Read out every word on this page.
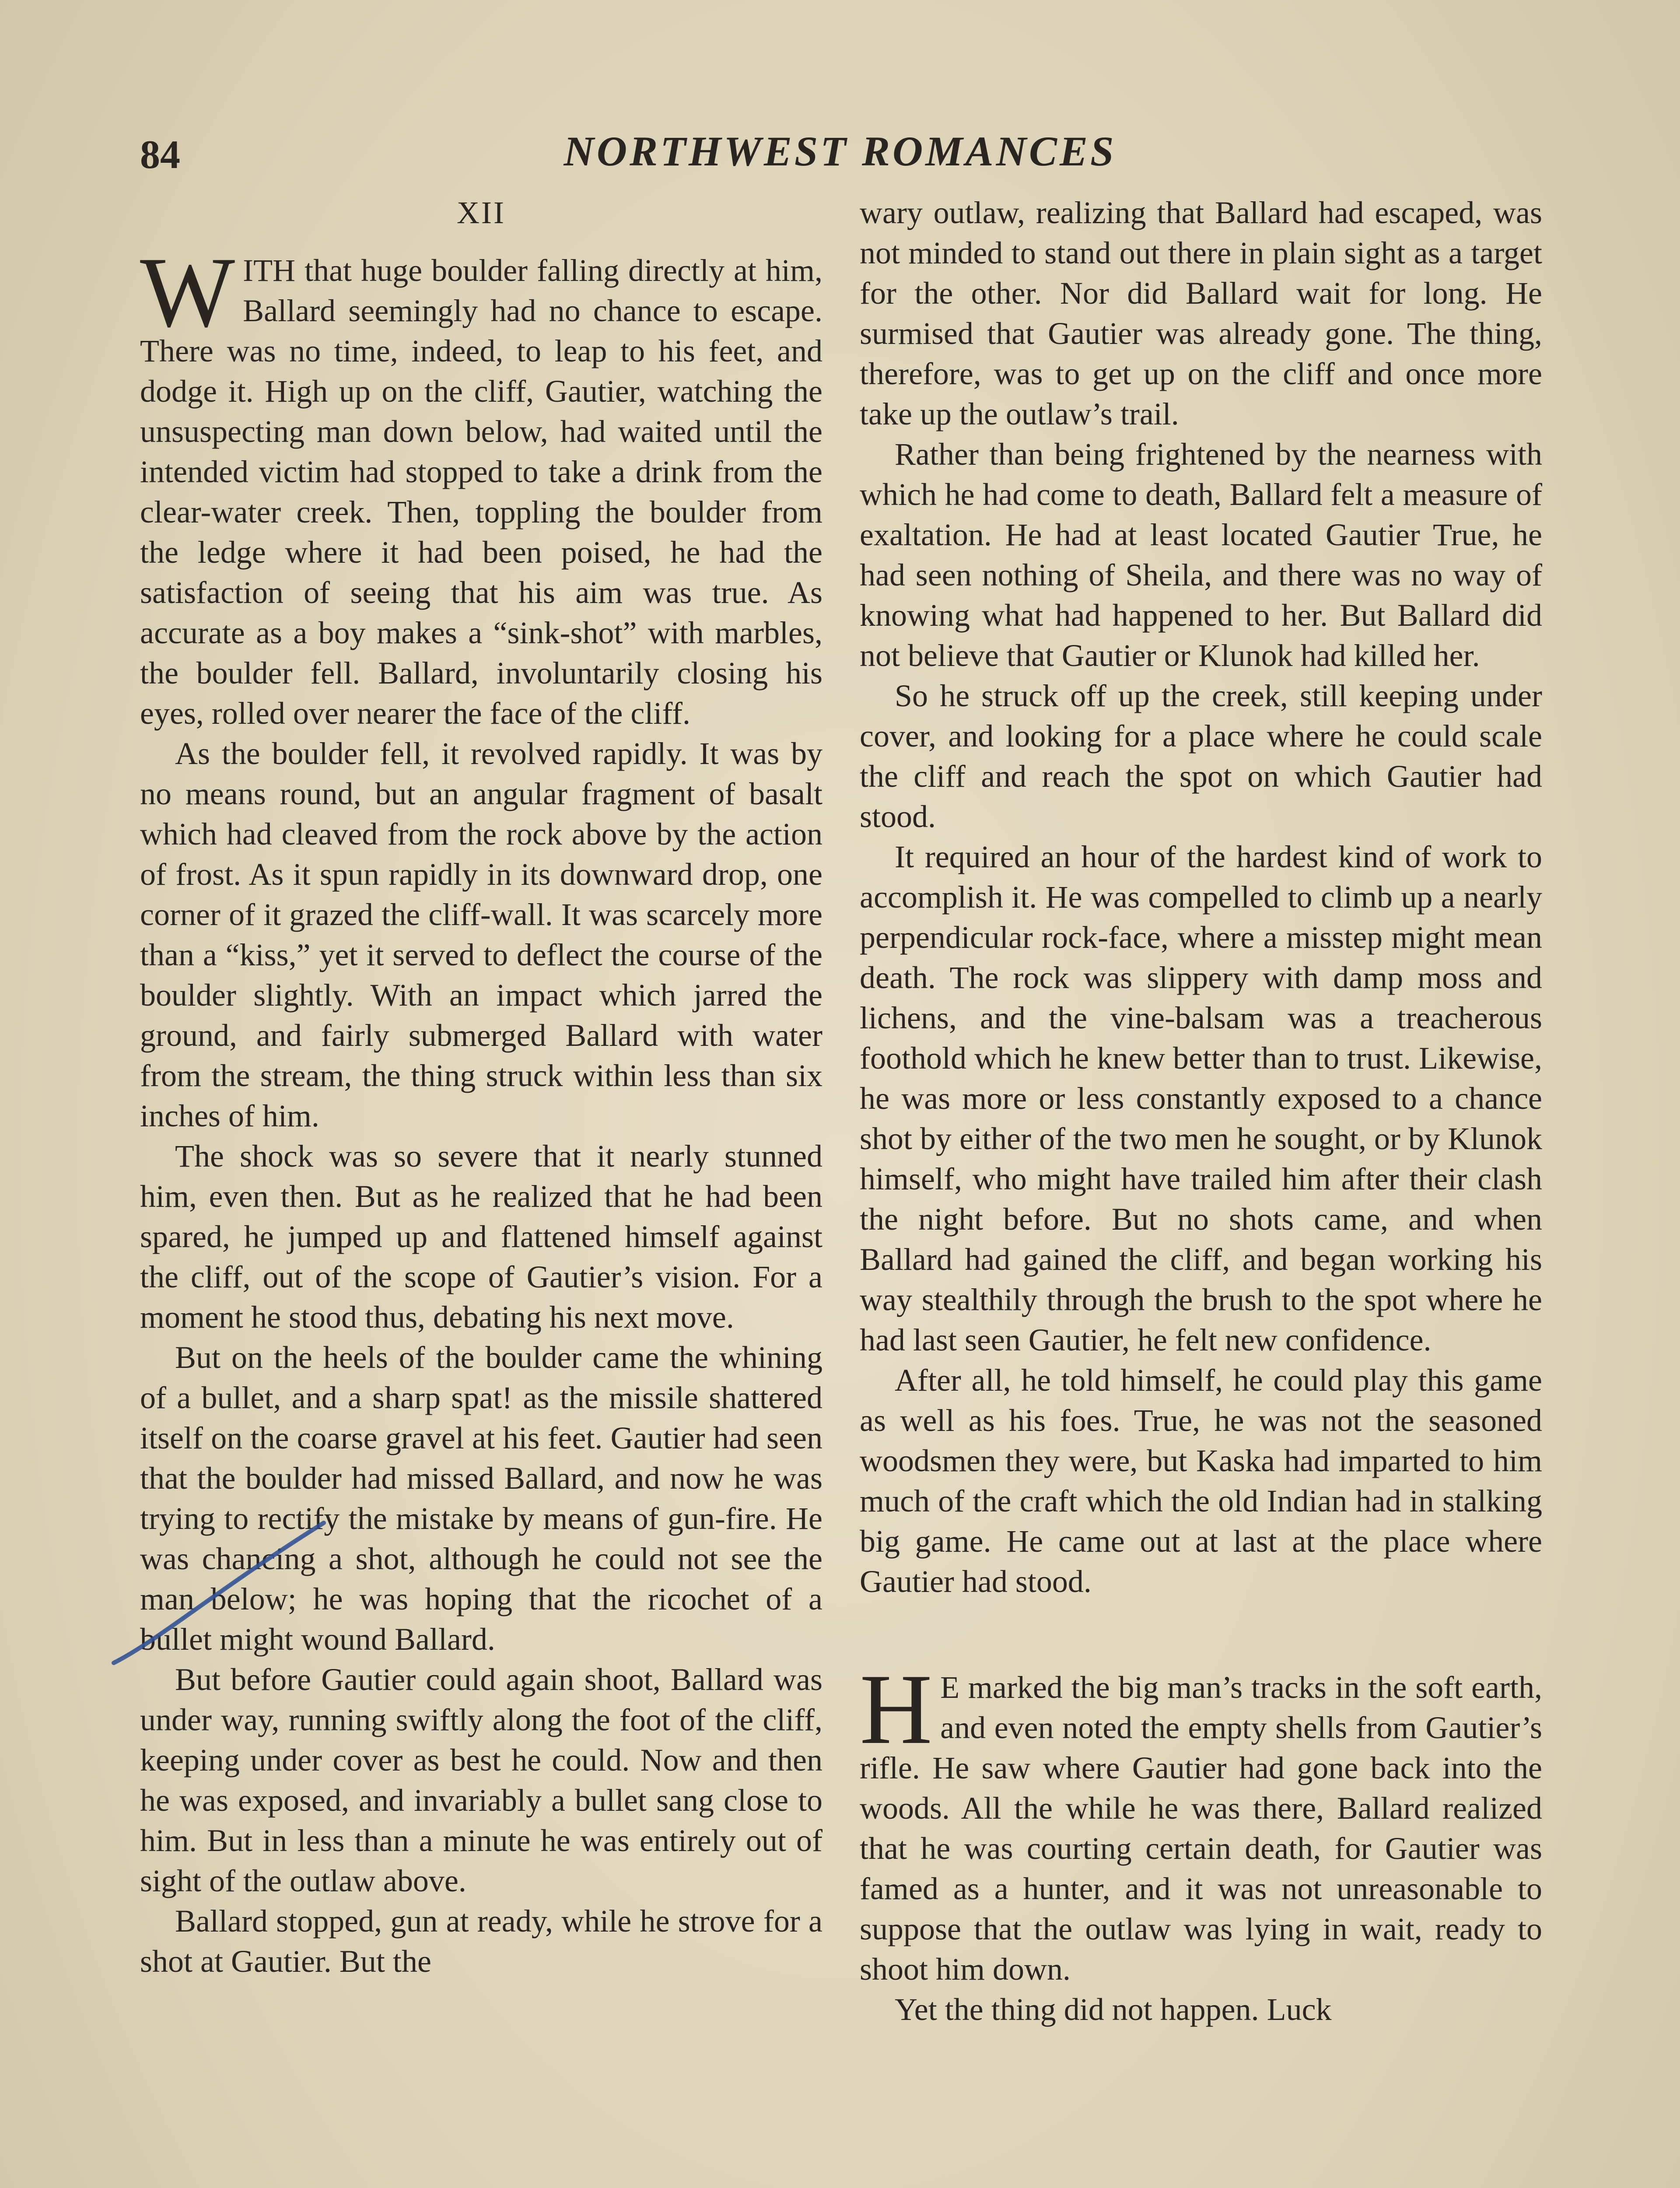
84	NORTHWEST ROMANCES
XII

WITH that huge boulder falling directly at him, Ballard seemingly had no chance to escape. There was no time, indeed, to leap to his feet, and dodge it. High up on the cliff, Gautier, watching the unsuspecting man down below, had waited until the intended victim had stopped to take a drink from the clear-water creek. Then, toppling the boulder from the ledge where it had been poised, he had the satisfaction of seeing that his aim was true. As accurate as a boy makes a “sink-shot” with marbles, the boulder fell. Ballard, involuntarily closing his eyes, rolled over nearer the face of the cliff.

As the boulder fell, it revolved rapidly. It was by no means round, but an angular fragment of basalt which had cleaved from the rock above by the action of frost. As it spun rapidly in its downward drop, one corner of it grazed the cliff-wall. It was scarcely more than a “kiss,” yet it served to deflect the course of the boulder slightly. With an impact which jarred the ground, and fairly submerged Ballard with water from the stream, the thing struck within less than six inches of him.

The shock was so severe that it nearly stunned him, even then. But as he realized that he had been spared, he jumped up and flattened himself against the cliff, out of the scope of Gautier’s vision. For a moment he stood thus, debating his next move.

But on the heels of the boulder came the whining of a bullet, and a sharp spat! as the missile shattered itself on the coarse gravel at his feet. Gautier had seen that the boulder had missed Ballard, and now he was trying to rectify the mistake by means of gun-fire. He was chancing a shot, although he could not see the man below; he was hoping that the ricochet of a bullet might wound Ballard.

But before Gautier could again shoot, Ballard was under way, running swiftly along the foot of the cliff, keeping under cover as best he could. Now and then he was exposed, and invariably a bullet sang close to him. But in less than a minute he was entirely out of sight of the outlaw above.

Ballard stopped, gun at ready, while he strove for a shot at Gautier. But the

wary outlaw, realizing that Ballard had escaped, was not minded to stand out there in plain sight as a target for the other. Nor did Ballard wait for long. He surmised that Gautier was already gone. The thing, therefore, was to get up on the cliff and once more take up the outlaw’s trail.

Rather than being frightened by the nearness with which he had come to death, Ballard felt a measure of exaltation. He had at least located Gautier True, he had seen nothing of Sheila, and there was no way of knowing what had happened to her. But Ballard did not believe that Gautier or Klunok had killed her.

So he struck off up the creek, still keeping under cover, and looking for a place where he could scale the cliff and reach the spot on which Gautier had stood.

It required an hour of the hardest kind of work to accomplish it. He was compelled to climb up a nearly perpendicular rock-face, where a misstep might mean death. The rock was slippery with damp moss and lichens, and the vine-balsam was a treacherous foothold which he knew better than to trust. Likewise, he was more or less constantly exposed to a chance shot by either of the two men he sought, or by Klunok himself, who might have trailed him after their clash the night before. But no shots came, and when Ballard had gained the cliff, and began working his way stealthily through the brush to the spot where he had last seen Gautier, he felt new confidence.

After all, he told himself, he could play this game as well as his foes. True, he was not the seasoned woodsmen they were, but Kaska had imparted to him much of the craft which the old Indian had in stalking big game. He came out at last at the place where Gautier had stood.

H E marked the big man’s tracks in the soft earth, and even noted the empty shells from Gautier’s rifle. He saw where Gautier had gone back into the woods. All the while he was there, Ballard realized that he was courting certain death, for Gautier was famed as a hunter, and it was not unreasonable to suppose that the outlaw was lying in wait, ready to shoot him down.

Yet the thing did not happen. Luck
